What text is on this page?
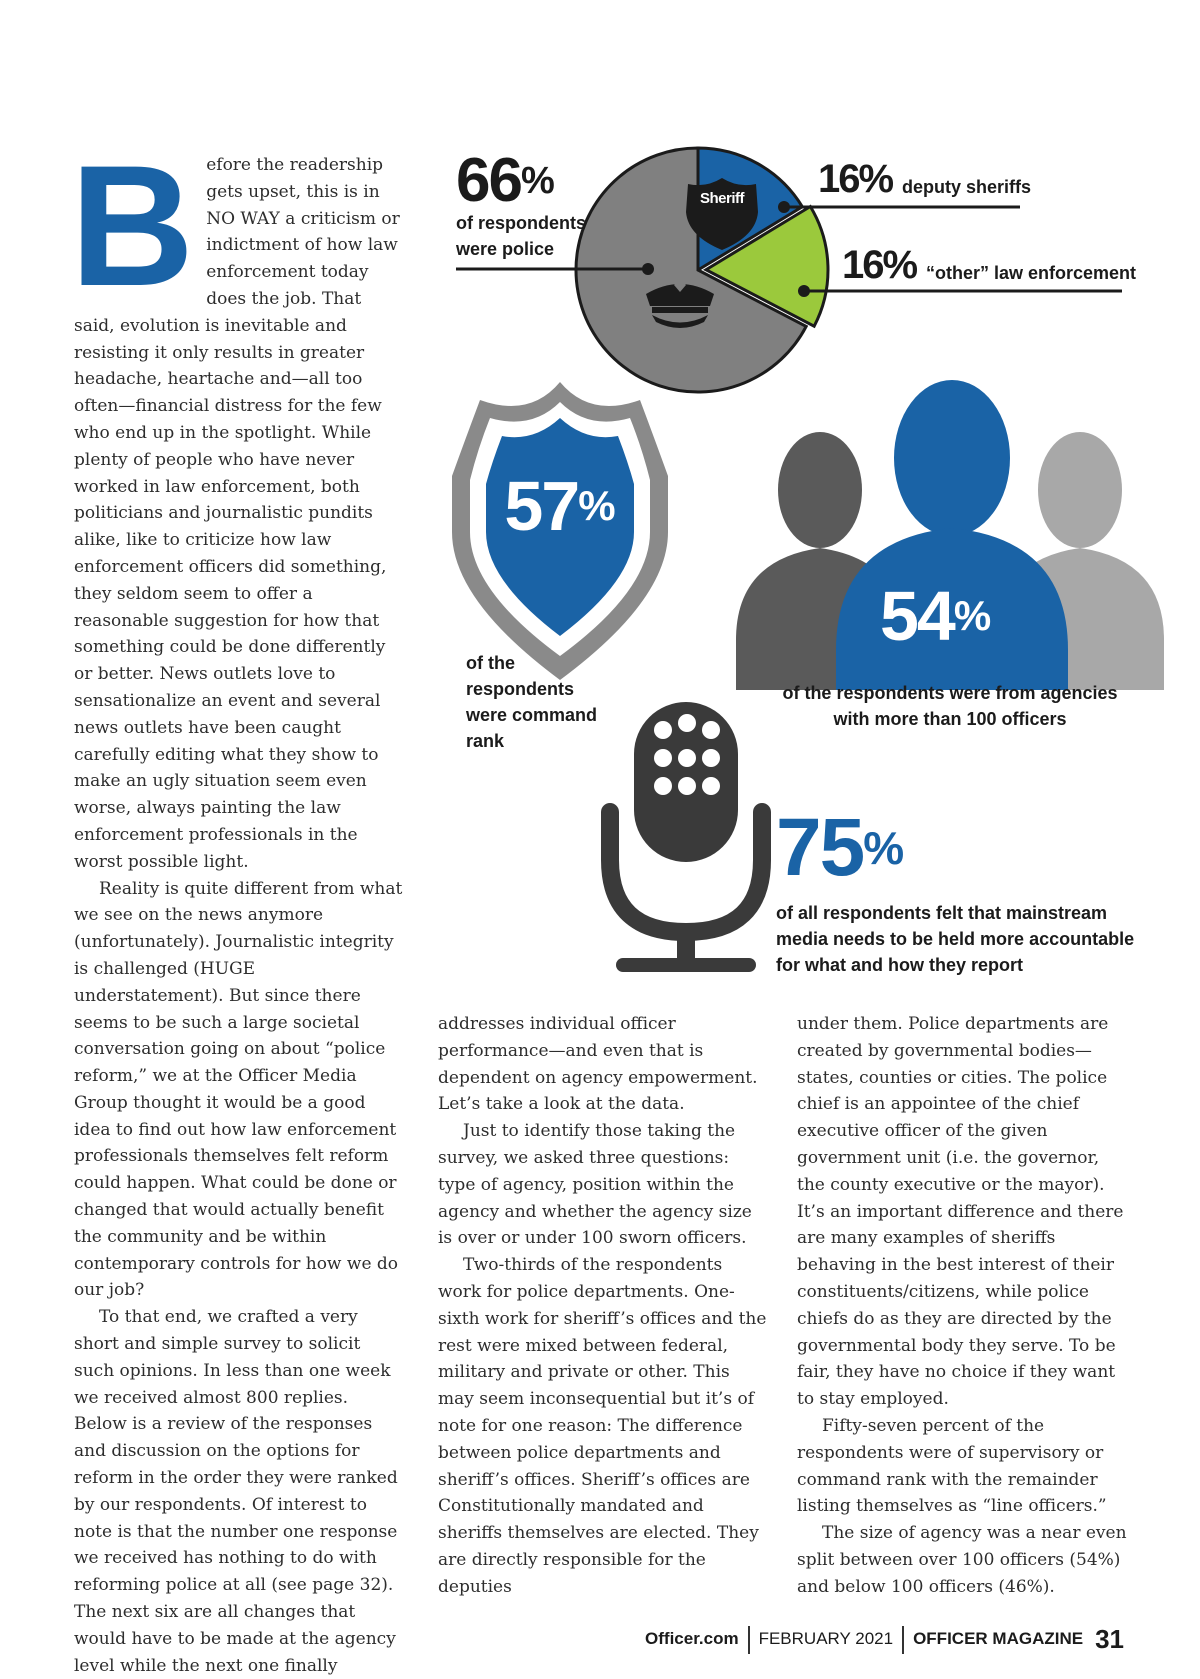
B efore the readership gets upset, this is in NO WAY a criticism or indictment of how law enforcement today does the job. That said, evolution is inevitable and resisting it only results in greater headache, heartache and—all too often—financial distress for the few who end up in the spotlight. While plenty of people who have never worked in law enforcement, both politicians and journalistic pundits alike, like to criticize how law enforcement officers did something, they seldom seem to offer a reasonable suggestion for how that something could be done differently or better. News outlets love to sensationalize an event and several news outlets have been caught carefully editing what they show to make an ugly situation seem even worse, always painting the law enforcement professionals in the worst possible light.

Reality is quite different from what we see on the news anymore (unfortunately). Journalistic integrity is challenged (HUGE understatement). But since there seems to be such a large societal conversation going on about “police reform,” we at the Officer Media Group thought it would be a good idea to find out how law enforcement professionals themselves felt reform could happen. What could be done or changed that would actually benefit the community and be within contemporary controls for how we do our job?

To that end, we crafted a very short and simple survey to solicit such opinions. In less than one week we received almost 800 replies. Below is a review of the responses and discussion on the options for reform in the order they were ranked by our respondents. Of interest to note is that the number one response we received has nothing to do with reforming police at all (see page 32). The next six are all changes that would have to be made at the agency level while the next one finally

66%
of respondents
were police
16% deputy sheriffs
16% “other” law enforcement
Sheriff
57%
of the
respondents
were command
rank
54%
of the respondents were from agencies
with more than 100 officers
75%
of all respondents felt that mainstream
media needs to be held more accountable
for what and how they report

addresses individual officer performance—and even that is dependent on agency empowerment. Let’s take a look at the data.

Just to identify those taking the survey, we asked three questions: type of agency, position within the agency and whether the agency size is over or under 100 sworn officers.

Two-thirds of the respondents work for police departments. One-sixth work for sheriff’s offices and the rest were mixed between federal, military and private or other. This may seem inconsequential but it’s of note for one reason: The difference between police departments and sheriff’s offices. Sheriff’s offices are Constitutionally mandated and sheriffs themselves are elected. They are directly responsible for the deputies

under them. Police departments are created by governmental bodies—states, counties or cities. The police chief is an appointee of the chief executive officer of the given government unit (i.e. the governor, the county executive or the mayor). It’s an important difference and there are many examples of sheriffs behaving in the best interest of their constituents/citizens, while police chiefs do as they are directed by the governmental body they serve. To be fair, they have no choice if they want to stay employed.

Fifty-seven percent of the respondents were of supervisory or command rank with the remainder listing themselves as “line officers.”

The size of agency was a near even split between over 100 officers (54%) and below 100 officers (46%).

Officer.com FEBRUARY 2021 OFFICER MAGAZINE 31
